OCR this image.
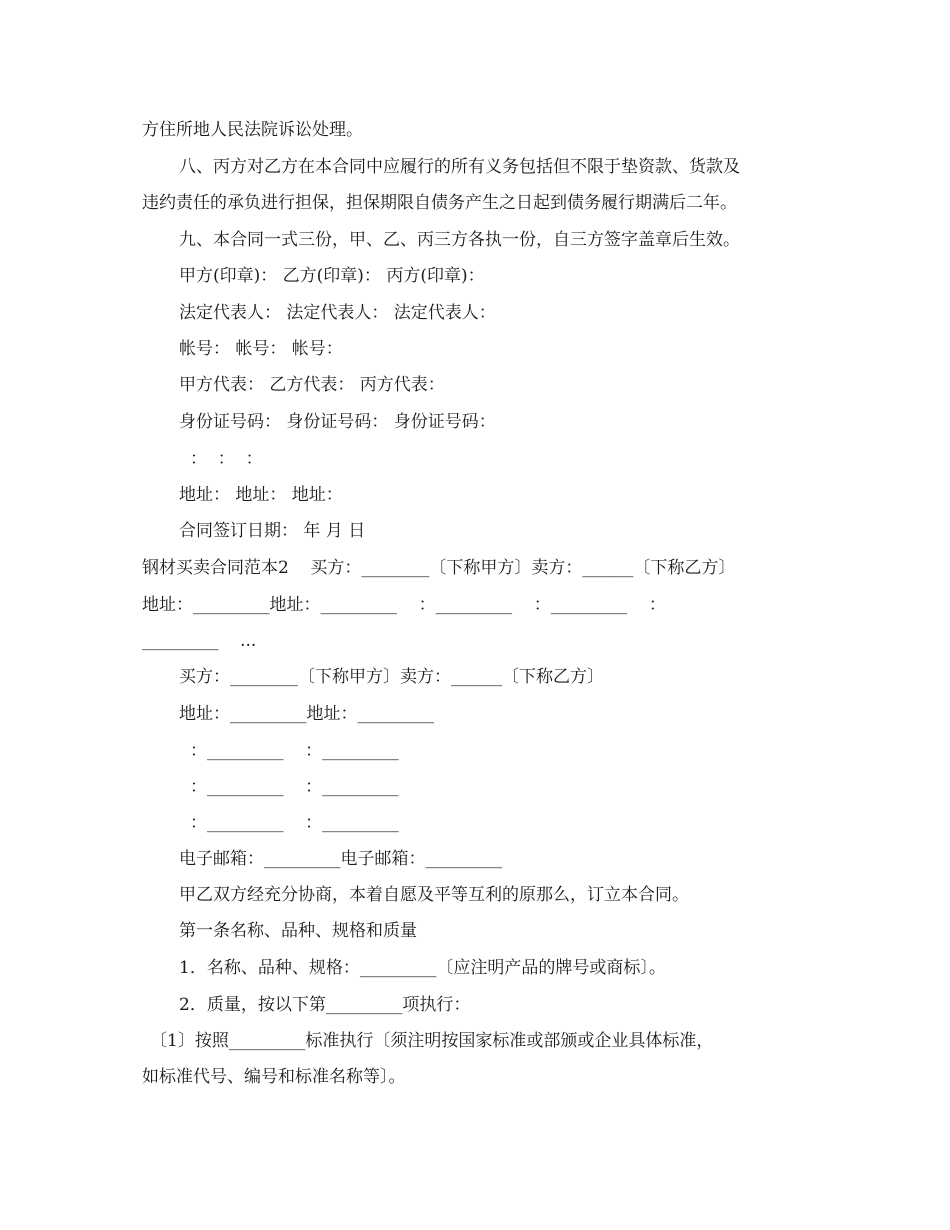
方住所地人民法院诉讼处理。
八、丙方对乙方在本合同中应履行的所有义务包括但不限于垫资款、货款及
违约责任的承负进行担保，担保期限自债务产生之日起到债务履行期满后二年。
九、本合同一式三份，甲、乙、丙三方各执一份，自三方签字盖章后生效。
甲方(印章)： 乙方(印章)： 丙方(印章)：
法定代表人： 法定代表人： 法定代表人：
帐号： 帐号： 帐号：
甲方代表： 乙方代表： 丙方代表：
身份证号码： 身份证号码： 身份证号码：
：  ：  ：
地址： 地址： 地址：
合同签订日期： 年 月 日
钢材买卖合同范本2    买方：________〔下称甲方〕卖方：______〔下称乙方〕
地址：_________地址：_________    ：_________    ：_________    ：
_________    ...
买方：________〔下称甲方〕卖方：______〔下称乙方〕
地址：_________地址：_________
：_________    ：_________
：_________    ：_________
：_________    ：_________
电子邮箱：_________电子邮箱：_________
甲乙双方经充分协商，本着自愿及平等互利的原那么，订立本合同。
第一条名称、品种、规格和质量
1．名称、品种、规格：_________〔应注明产品的牌号或商标〕。
2．质量，按以下第_________项执行：
〔1〕按照_________标准执行〔须注明按国家标准或部颁或企业具体标准，
如标准代号、编号和标准名称等〕。
